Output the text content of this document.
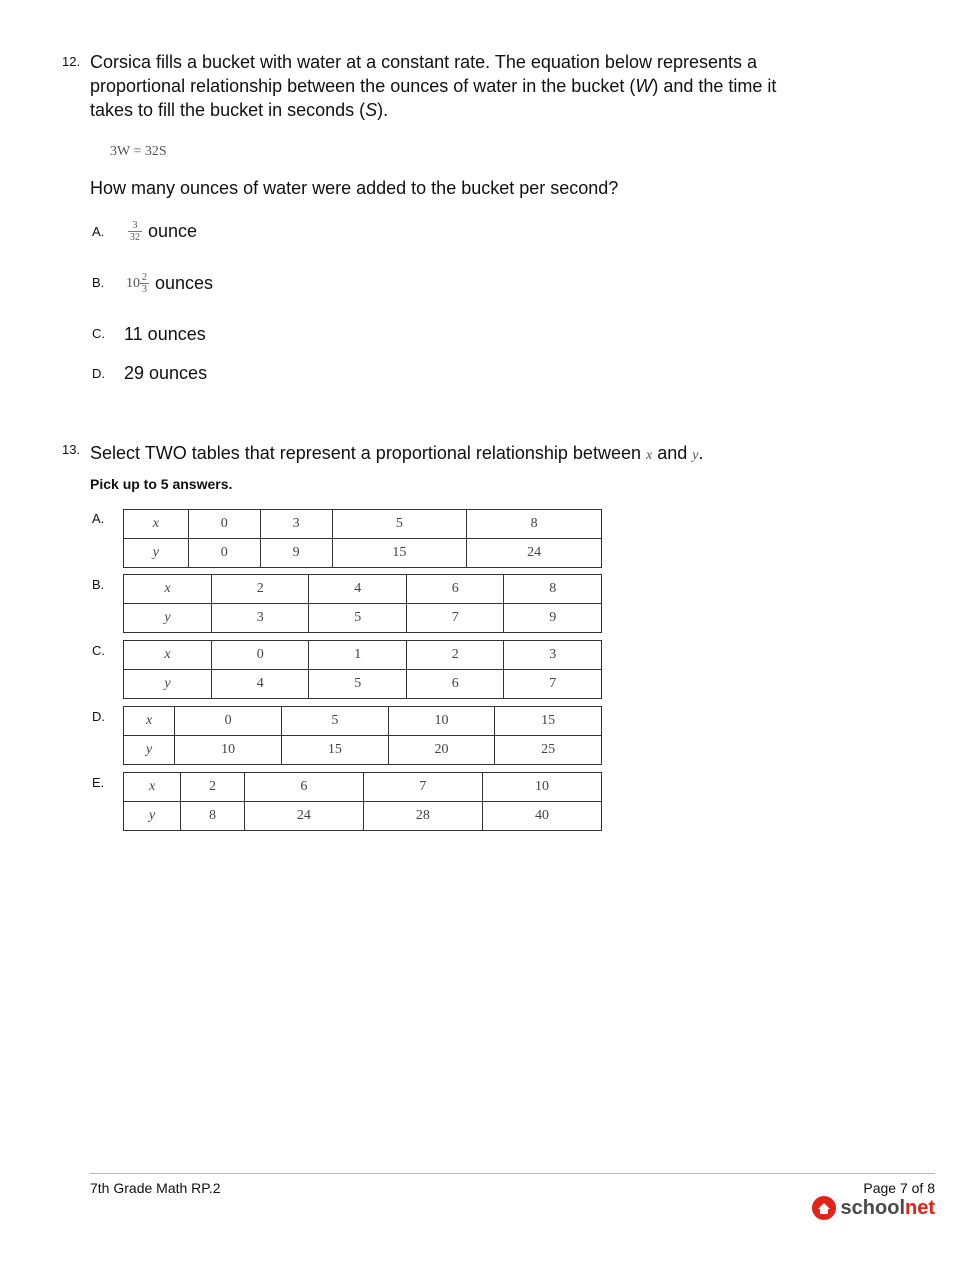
12. Corsica fills a bucket with water at a constant rate. The equation below represents a
proportional relationship between the ounces of water in the bucket (W) and the time it
takes to fill the bucket in seconds (S).
3W = 32S
How many ounces of water were added to the bucket per second?
A. $\frac{3}{32}$ ounce
B. $10 \frac{2}{3}$ ounces
C. 11 ounces
D. 29 ounces
13. Select TWO tables that represent a proportional relationship between x and y.
Pick up to 5 answers.
A.	x	0	3	5	8
y	0	9	15	24
B.	x	2	4	6	8
y	3	5	7	9
C.	x	0	1	2	3
y	4	5	6	7
D.	x	0	5	10	15
y	10	15	20	25
E.	x	2	6	7	10
y	8	24	28	40
7th Grade Math RP.2	Page 7 of 8
schoolnet
